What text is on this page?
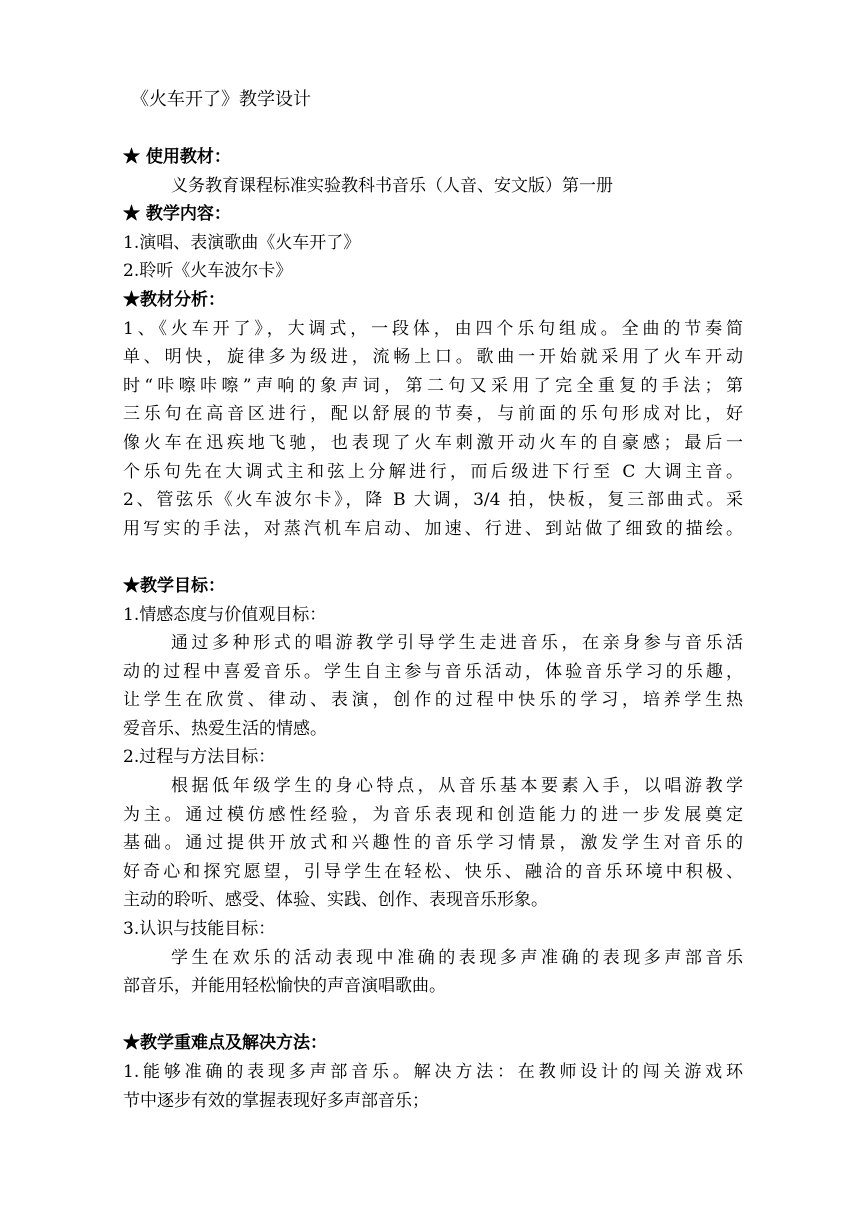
《火车开了》教学设计
★ 使用教材：
义务教育课程标准实验教科书音乐（人音、安文版）第一册
★ 教学内容：
1.演唱、表演歌曲《火车开了》
2.聆听《火车波尔卡》
★教材分析：
1、《火车开了》，大调式，一段体，由四个乐句组成。全曲的节奏简
单、明快，旋律多为级进，流畅上口。歌曲一开始就采用了火车开动
时“咔嚓咔嚓”声响的象声词，第二句又采用了完全重复的手法；第
三乐句在高音区进行，配以舒展的节奏，与前面的乐句形成对比，好
像火车在迅疾地飞驰，也表现了火车刺激开动火车的自豪感；最后一
个乐句先在大调式主和弦上分解进行，而后级进下行至 C 大调主音。
2、管弦乐《火车波尔卡》，降 B 大调，3/4 拍，快板，复三部曲式。采
用写实的手法，对蒸汽机车启动、加速、行进、到站做了细致的描绘。
★教学目标：
1.情感态度与价值观目标：
通过多种形式的唱游教学引导学生走进音乐，在亲身参与音乐活
动的过程中喜爱音乐。学生自主参与音乐活动，体验音乐学习的乐趣，
让学生在欣赏、律动、表演，创作的过程中快乐的学习，培养学生热
爱音乐、热爱生活的情感。
2.过程与方法目标：
根据低年级学生的身心特点，从音乐基本要素入手，以唱游教学
为主。通过模仿感性经验，为音乐表现和创造能力的进一步发展奠定
基础。通过提供开放式和兴趣性的音乐学习情景，激发学生对音乐的
好奇心和探究愿望，引导学生在轻松、快乐、融洽的音乐环境中积极、
主动的聆听、感受、体验、实践、创作、表现音乐形象。
3.认识与技能目标：
学生在欢乐的活动表现中准确的表现多声准确的表现多声部音乐
部音乐，并能用轻松愉快的声音演唱歌曲。
★教学重难点及解决方法：
1.能够准确的表现多声部音乐。解决方法：在教师设计的闯关游戏环
节中逐步有效的掌握表现好多声部音乐；
